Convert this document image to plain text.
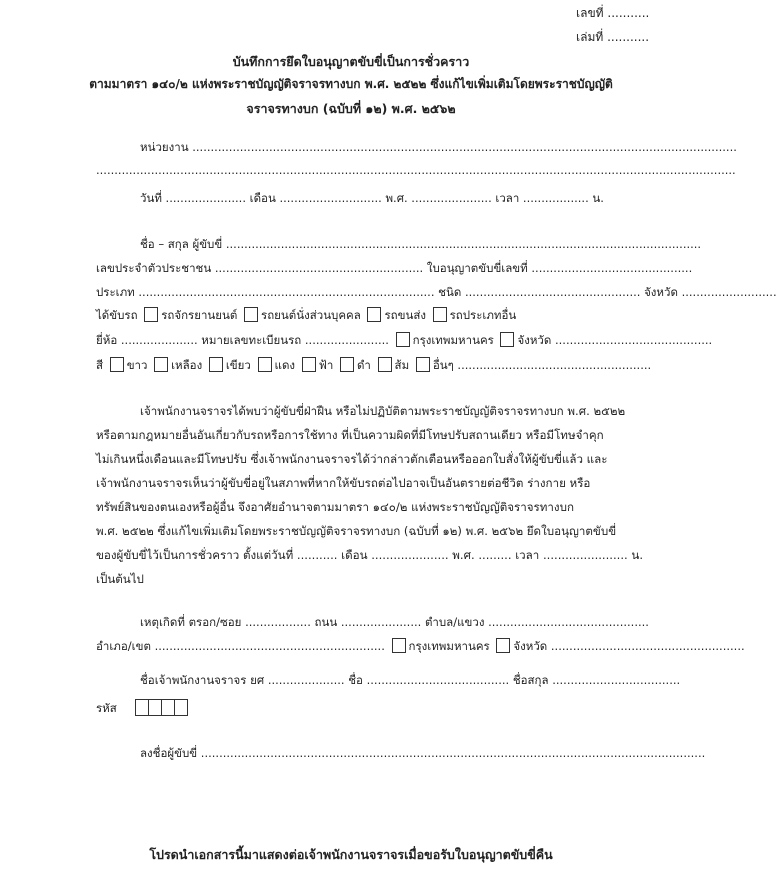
เลขที่ ...........
เล่มที่ ...........
บันทึกการยึดใบอนุญาตขับขี่เป็นการชั่วคราว
ตามมาตรา ๑๔๐/๒ แห่งพระราชบัญญัติจราจรทางบก พ.ศ. ๒๕๒๒ ซึ่งแก้ไขเพิ่มเติมโดยพระราชบัญญัติ
จราจรทางบก (ฉบับที่ ๑๒) พ.ศ. ๒๕๖๒
หน่วยงาน .....................................................................................................................................................
...............................................................................................................................................................................
วันที่ ...................... เดือน ............................ พ.ศ. ...................... เวลา .................. น.
ชื่อ – สกุล ผู้ขับขี่ ..................................................................................................................................
เลขประจำตัวประชาชน ......................................................... ใบอนุญาตขับขี่เลขที่ ............................................
ประเภท ................................................................................. ชนิด ................................................ จังหวัด ..........................
ได้ขับรถ รถจักรยานยนต์ รถยนต์นั่งส่วนบุคคล รถขนส่ง รถประเภทอื่น
ยี่ห้อ ..................... หมายเลขทะเบียนรถ ....................... กรุงเทพมหานคร จังหวัด ...........................................
สี ขาว เหลือง เขียว แดง ฟ้า ดำ ส้ม อื่นๆ .....................................................
เจ้าพนักงานจราจรได้พบว่าผู้ขับขี่ฝ่าฝืน หรือไม่ปฏิบัติตามพระราชบัญญัติจราจรทางบก พ.ศ. ๒๕๒๒
หรือตามกฎหมายอื่นอันเกี่ยวกับรถหรือการใช้ทาง ที่เป็นความผิดที่มีโทษปรับสถานเดียว หรือมีโทษจำคุก
ไม่เกินหนึ่งเดือนและมีโทษปรับ ซึ่งเจ้าพนักงานจราจรได้ว่ากล่าวตักเตือนหรือออกใบสั่งให้ผู้ขับขี่แล้ว และ
เจ้าพนักงานจราจรเห็นว่าผู้ขับขี่อยู่ในสภาพที่หากให้ขับรถต่อไปอาจเป็นอันตรายต่อชีวิต ร่างกาย หรือ
ทรัพย์สินของตนเองหรือผู้อื่น จึงอาศัยอำนาจตามมาตรา ๑๔๐/๒ แห่งพระราชบัญญัติจราจรทางบก
พ.ศ. ๒๕๒๒ ซึ่งแก้ไขเพิ่มเติมโดยพระราชบัญญัติจราจรทางบก (ฉบับที่ ๑๒) พ.ศ. ๒๕๖๒ ยึดใบอนุญาตขับขี่
ของผู้ขับขี่ไว้เป็นการชั่วคราว ตั้งแต่วันที่ ........... เดือน ..................... พ.ศ. ......... เวลา ....................... น.
เป็นต้นไป
เหตุเกิดที่ ตรอก/ซอย .................. ถนน ...................... ตำบล/แขวง ............................................
อำเภอ/เขต ............................................................... กรุงเทพมหานคร จังหวัด .....................................................
ชื่อเจ้าพนักงานจราจร ยศ ..................... ชื่อ ....................................... ชื่อสกุล ...................................
รหัส
ลงชื่อผู้ขับขี่ ..........................................................................................................................................
โปรดนำเอกสารนี้มาแสดงต่อเจ้าพนักงานจราจรเมื่อขอรับใบอนุญาตขับขี่คืน
